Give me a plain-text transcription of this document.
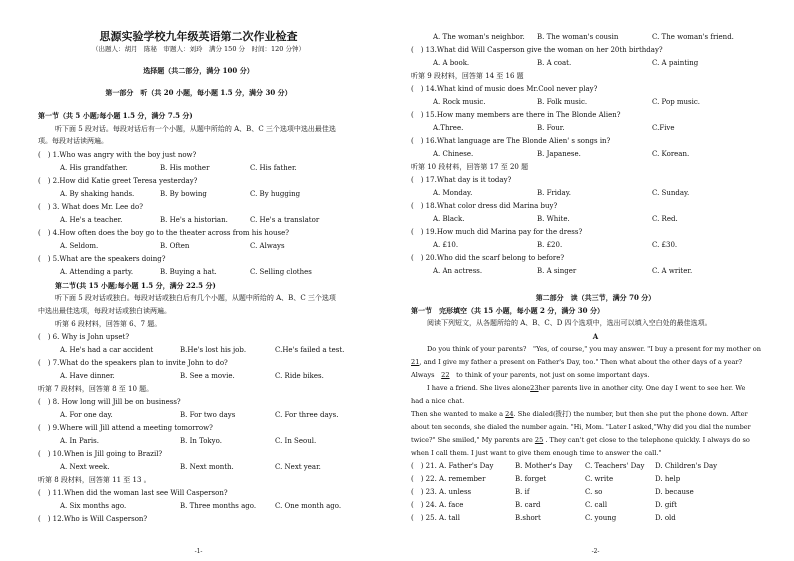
思源实验学校九年级英语第二次作业检查
（出题人：胡月　陈秘　审题人：刘玲　满分 150 分　时间：120 分钟）
选择题（共二部分，满分 100 分）
第一部分　听（共 20 小题，每小题 1.5 分，满分 30 分）
第一节（共 5 小题;每小题 1.5 分，满分 7.5 分)
听下面 5 段对话。每段对话后有一个小题，从题中所给的 A、B、C 三个选项中选出最佳选
项。每段对话读两遍。
(　) 1.Who was angry with the boy just now?
A. His grandfather.	B. His mother	C. His father.
(　) 2.How did Katie greet Teresa yesterday?
A. By shaking hands.	B. By bowing	C. By hugging
(　) 3. What does Mr. Lee do?
A. He's a teacher.	B. He's a historian.	C. He's a translator
(　) 4.How often does the boy go to the theater across from his house?
A. Seldom.	B. Often	C. Always
(　) 5.What are the speakers doing?
A. Attending a party.	B. Buying a hat.	C. Selling clothes
第二节(共 15 小题;每小题 1.5 分，满分 22.5 分)
听下面 5 段对话或独白。每段对话或独白后有几个小题，从题中所给的 A、B、C 三个选项
中选出最佳选项，每段对话或独白读两遍。
听第 6 段材料，回答第 6、7 题。
(　) 6. Why is John upset?
A. He's had a car accident	B.He's lost his job.	C.He's failed a test.
(　) 7.What do the speakers plan to invite John to do?
A. Have dinner.	B. See a movie.	C. Ride bikes.
听第 7 段材料，回答第 8 至 10 题。
(　) 8. How long will Jill be on business?
A. For one day.	B. For two days	C. For three days.
(　) 9.Where will Jill attend a meeting tomorrow?
A. In Paris.	B. In Tokyo.	C. In Seoul.
(　) 10.When is Jill going to Brazil?
A. Next week.	B. Next month.	C. Next year.
听第 8 段材料，回答第 11 至 13 。
(　) 11.When did the woman last see Will Casperson?
A. Six months ago.	B. Three months ago.	C. One month ago.
(　) 12.Who is Will Casperson?
-1-
A. The woman's neighbor. B. The woman's cousin	C. The woman's friend.
(　) 13.What did Will Casperson give the woman on her 20th birthday?
A. A book.	B. A coat.	C. A painting
听第 9 段材料，回答第 14 至 16 题
(　) 14.What kind of music does Mr.Cool never play?
A. Rock music.	B. Folk music.	C. Pop music.
(　) 15.How many members are there in The Blonde Alien?
A.Three.	B. Four.	C.Five
(　) 16.What language are The Blonde Alien' s songs in?
A. Chinese.	B. Japanese.	C. Korean.
听第 10 段材料，回答第 17 至 20 题
(　) 17.What day is it today?
A. Monday.	B. Friday.	C. Sunday.
(　) 18.What color dress did Marina buy?
A. Black.	B. White.	C. Red.
(　) 19.How much did Marina pay for the dress?
A. £10.	B. £20.	C. £30.
(　) 20.Who did the scarf belong to before?
A. An actress.	B. A singer	C. A writer.
第二部分　读（共三节，满分 70 分）
第一节　完形填空（共 15 小题，每小题 2 分，满分 30 分）
阅读下列短文，从各题所给的 A、B、C、D 四个选项中，选出可以填入空白处的最佳选项。
A
Do you think of your parents?　"Yes, of course," you may answer. "I buy a present for my mother on
21, and I give my father a present on Father's Day, too." Then what about the other days of a year?
Always　22　to think of your parents, not just on some important days.
I have a friend. She lives alone23her parents live in another city. One day I went to see her. We
had a nice chat.
Then she wanted to make a 24. She dialed(拨打) the number, but then she put the phone down. After
about ten seconds, she dialed the number again. "Hi, Mom. "Later I asked,"Why did you dial the number
twice?" She smiled," My parents are 25 . They can't get close to the telephone quickly. I always do so
when I call them. I just want to give them enough time to answer the call."
(　) 21. A. Father's Day	B. Mother's Day C. Teachers' Day D. Children's Day
(　) 22. A. remember	B. forget	C. write	D. help
(　) 23. A. unless	B. if	C. so	D. because
(　) 24. A. face	B. card	C. call	D. gift
(　) 25. A. tall	B.short	C. young	D. old
-2-
